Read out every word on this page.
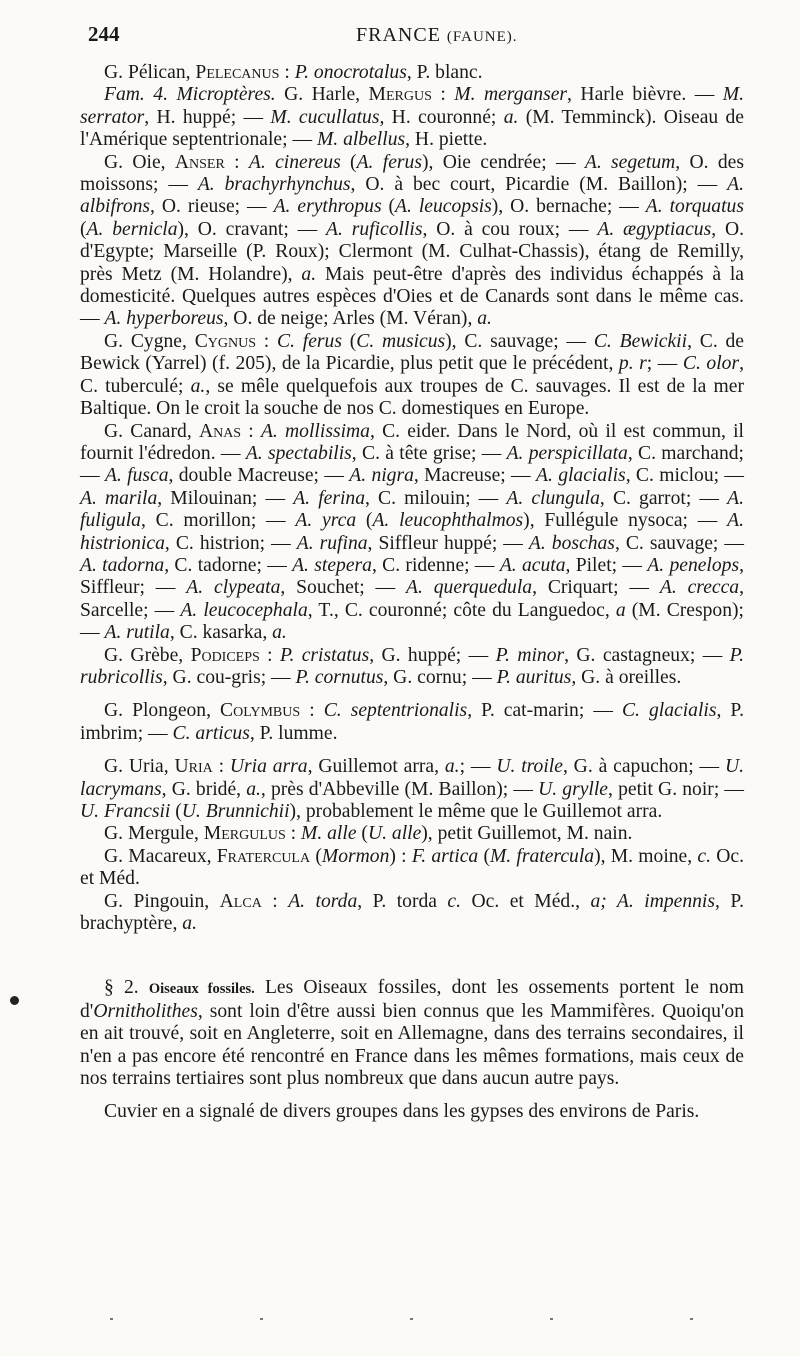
244	FRANCE (FAUNE).

G. Pélican, Pelecanus : P. onocrotalus, P. blanc.

Fam. 4. Microptères. G. Harle, Mergus : M. merganser, Harle bièvre. — M. serrator, H. huppé; — M. cucullatus, H. couronné; a. (M. Temminck). Oiseau de l'Amérique septentrionale; — M. albellus, H. piette.

G. Oie, Anser : A. cinereus (A. ferus), Oie cendrée; — A. segetum, O. des moissons; — A. brachyrhynchus, O. à bec court, Picardie (M. Baillon); — A. albifrons, O. rieuse; — A. erythropus (A. leucopsis), O. bernache; — A. torquatus (A. bernicla), O. cravant; — A. ruficollis, O. à cou roux; — A. ægyptiacus, O. d'Egypte; Marseille (P. Roux); Clermont (M. Culhat-Chassis), étang de Remilly, près Metz (M. Holandre), a. Mais peut-être d'après des individus échappés à la domesticité. Quelques autres espèces d'Oies et de Canards sont dans le même cas. — A. hyperboreus, O. de neige; Arles (M. Véran), a.

G. Cygne, Cygnus : C. ferus (C. musicus), C. sauvage; — C. Bewickii, C. de Bewick (Yarrel) (f. 205), de la Picardie, plus petit que le précédent, p. r; — C. olor, C. tuberculé; a., se mêle quelquefois aux troupes de C. sauvages. Il est de la mer Baltique. On le croit la souche de nos C. domestiques en Europe.

G. Canard, Anas : A. mollissima, C. eider. Dans le Nord, où il est commun, il fournit l'édredon. — A. spectabilis, C. à tête grise; — A. perspicillata, C. marchand; — A. fusca, double Macreuse; — A. nigra, Macreuse; — A. glacialis, C. miclou; — A. marila, Milouinan; — A. ferina, C. milouin; — A. clungula, C. garrot; — A. fuligula, C. morillon; — A. yrca (A. leucophthalmos), Fullégule nysoca; — A. histrionica, C. histrion; — A. rufina, Siffleur huppé; — A. boschas, C. sauvage; — A. tadorna, C. tadorne; — A. stepera, C. ridenne; — A. acuta, Pilet; — A. penelops, Siffleur; — A. clypeata, Souchet; — A. querquedula, Criquart; — A. crecca, Sarcelle; — A. leucocephala, T., C. couronné; côte du Languedoc, a (M. Crespon); — A. rutila, C. kasarka, a.

G. Grèbe, Podiceps : P. cristatus, G. huppé; — P. minor, G. castagneux; — P. rubricollis, G. cou-gris; — P. cornutus, G. cornu; — P. auritus, G. à oreilles.

G. Plongeon, Colymbus : C. septentrionalis, P. cat-marin; — C. glacialis, P. imbrim; — C. articus, P. lumme.

G. Uria, Uria : Uria arra, Guillemot arra, a.; — U. troile, G. à capuchon; — U. lacrymans, G. bridé, a., près d'Abbeville (M. Baillon); — U. grylle, petit G. noir; — U. Francsii (U. Brunnichii), probablement le même que le Guillemot arra.

G. Mergule, Mergulus : M. alle (U. alle), petit Guillemot, M. nain.

G. Macareux, Fratercula (Mormon) : F. artica (M. fratercula), M. moine, c. Oc. et Méd.

G. Pingouin, Alca : A. torda, P. torda c. Oc. et Méd., a; A. impennis, P. brachyptère, a.

§ 2. Oiseaux fossiles. Les Oiseaux fossiles, dont les ossements portent le nom d'Ornitholithes, sont loin d'être aussi bien connus que les Mammifères. Quoiqu'on en ait trouvé, soit en Angleterre, soit en Allemagne, dans des terrains secondaires, il n'en a pas encore été rencontré en France dans les mêmes formations, mais ceux de nos terrains tertiaires sont plus nombreux que dans aucun autre pays.

Cuvier en a signalé de divers groupes dans les gypses des environs de Paris.
